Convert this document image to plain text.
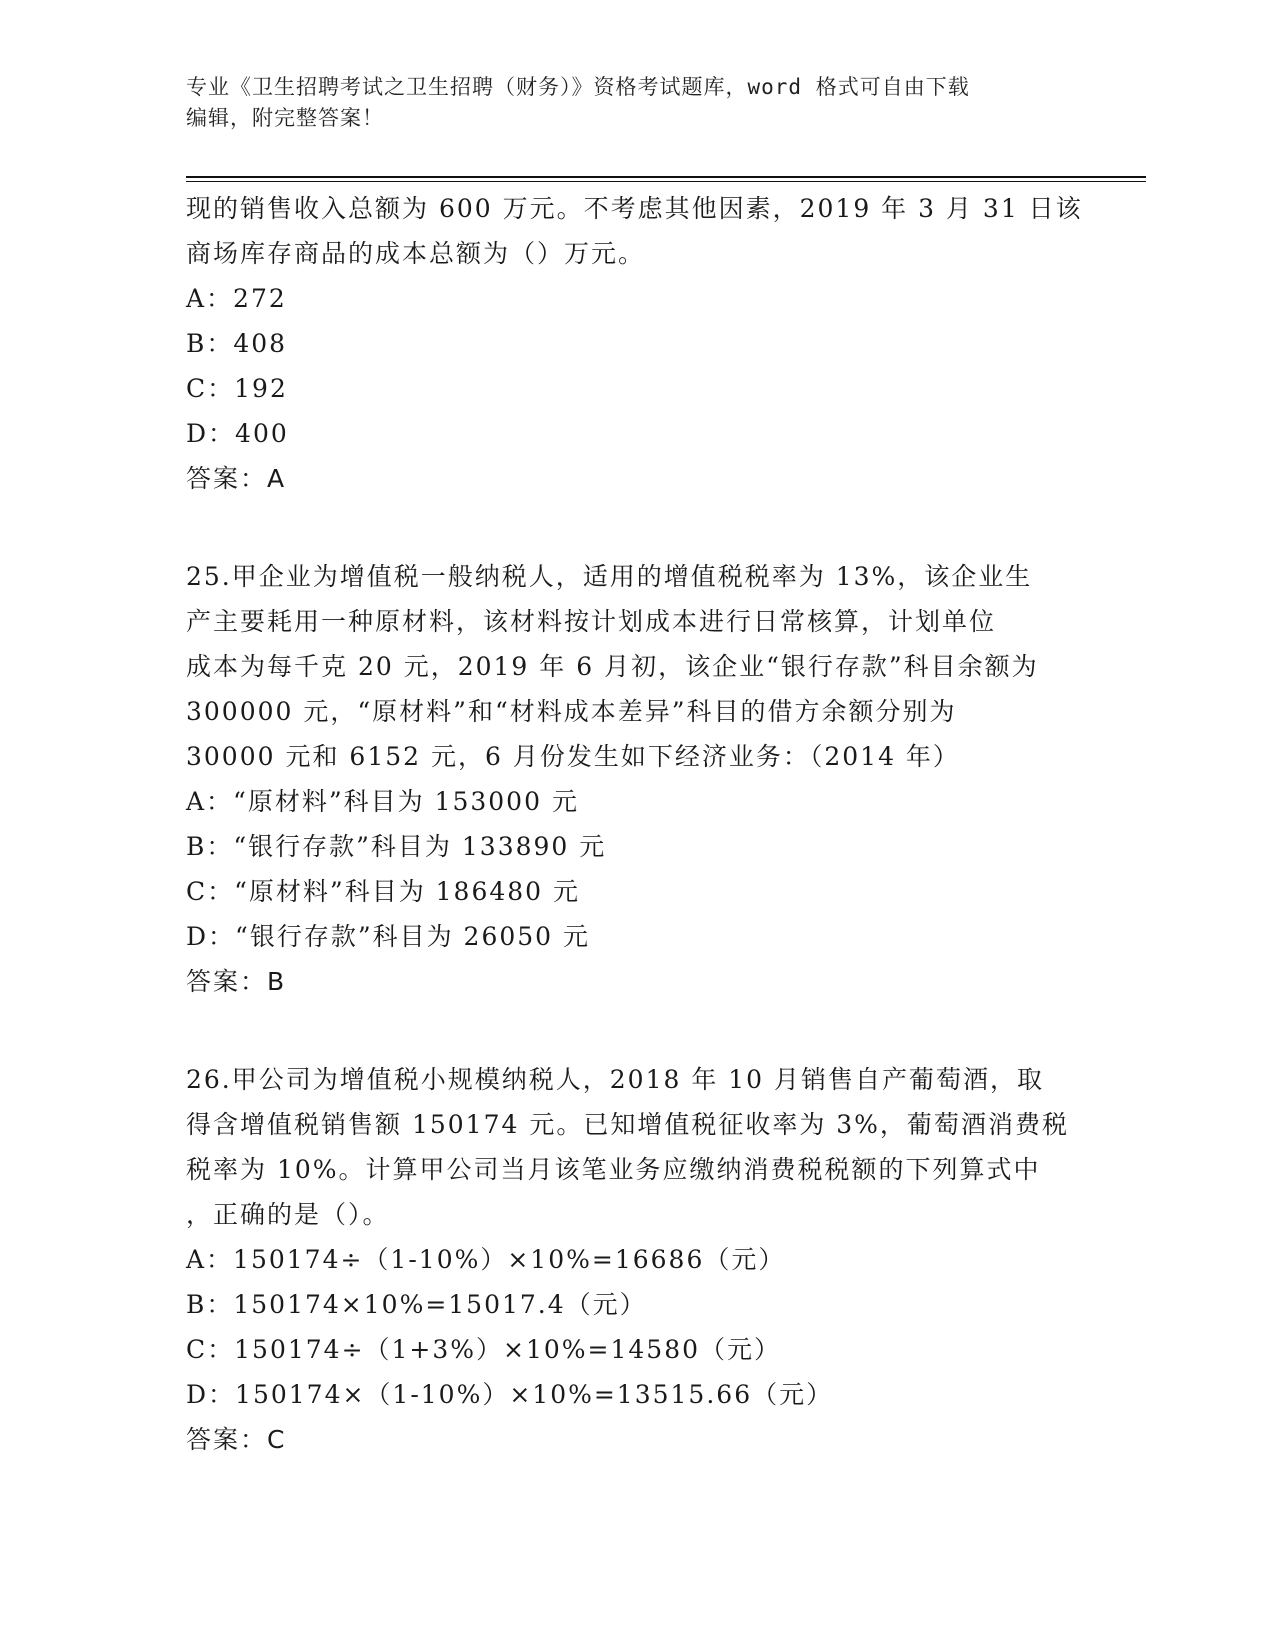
专业《卫生招聘考试之卫生招聘（财务）》资格考试题库，word 格式可自由下载
编辑，附完整答案！
现的销售收入总额为 600 万元。不考虑其他因素，2019 年 3 月 31 日该
商场库存商品的成本总额为（）万元。
A：272
B：408
C：192
D：400
答案：A
25.甲企业为增值税一般纳税人，适用的增值税税率为 13%，该企业生
产主要耗用一种原材料，该材料按计划成本进行日常核算，计划单位
成本为每千克 20 元，2019 年 6 月初，该企业“银行存款”科目余额为
300000 元，“原材料”和“材料成本差异”科目的借方余额分别为
30000 元和 6152 元，6 月份发生如下经济业务：（2014 年）
A：“原材料”科目为 153000 元
B：“银行存款”科目为 133890 元
C：“原材料”科目为 186480 元
D：“银行存款”科目为 26050 元
答案：B
26.甲公司为增值税小规模纳税人，2018 年 10 月销售自产葡萄酒，取
得含增值税销售额 150174 元。已知增值税征收率为 3%，葡萄酒消费税
税率为 10%。计算甲公司当月该笔业务应缴纳消费税税额的下列算式中
，正确的是（）。
A：150174÷（1-10%）×10%=16686（元）
B：150174×10%=15017.4（元）
C：150174÷（1+3%）×10%=14580（元）
D：150174×（1-10%）×10%=13515.66（元）
答案：C
